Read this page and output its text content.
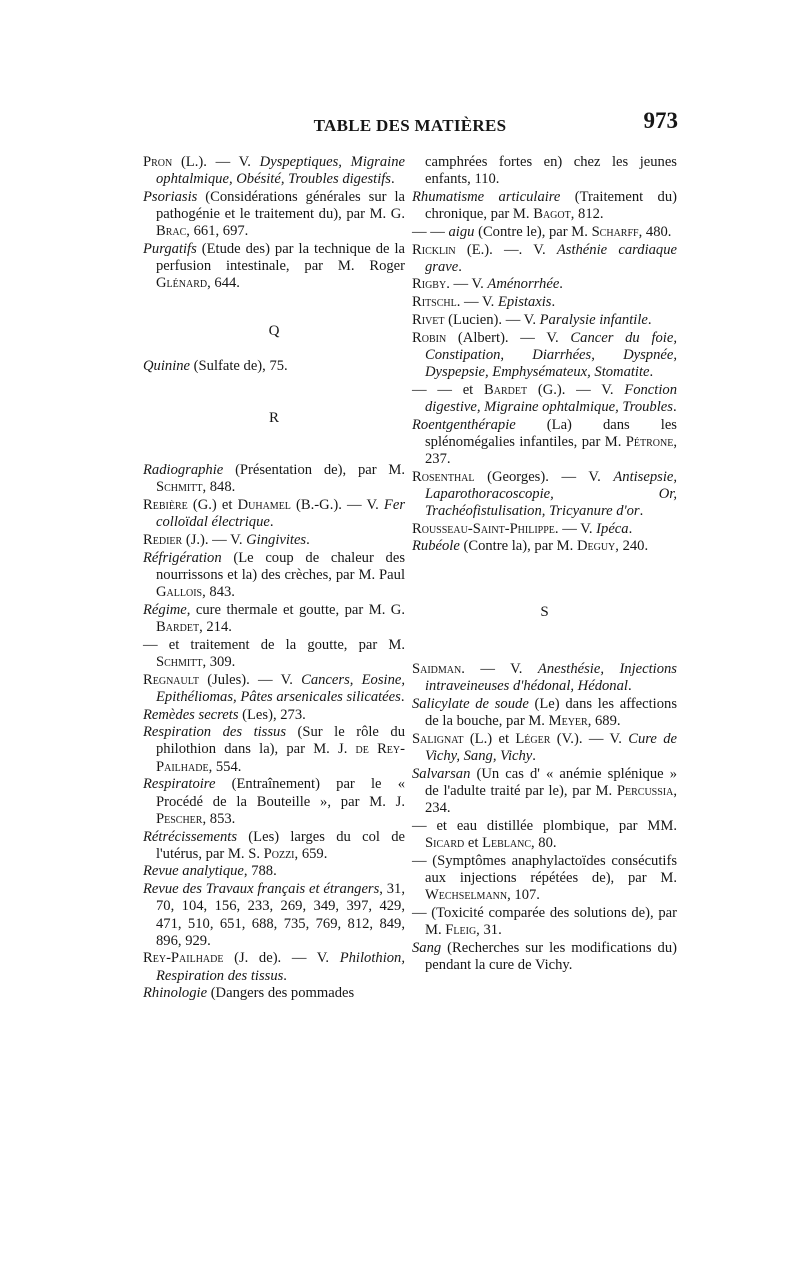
TABLE DES MATIÈRES	973

Pron (L.). — V. Dyspeptiques, Migraine ophtalmique, Obésité, Troubles digestifs.

Psoriasis (Considérations générales sur la pathogénie et le traitement du), par M. G. Brac, 661, 697.

Purgatifs (Etude des) par la technique de la perfusion intestinale, par M. Roger Glénard, 644.

Q

Quinine (Sulfate de), 75.

R

Radiographie (Présentation de), par M. Schmitt, 848.

Rebière (G.) et Duhamel (B.-G.). — V. Fer colloïdal électrique.

Redier (J.). — V. Gingivites.

Réfrigération (Le coup de chaleur des nourrissons et la) des crèches, par M. Paul Gallois, 843.

Régime, cure thermale et goutte, par M. G. Bardet, 214.

— et traitement de la goutte, par M. Schmitt, 309.

Regnault (Jules). — V. Cancers, Eosine, Epithéliomas, Pâtes arsenicales silicatées.

Remèdes secrets (Les), 273.

Respiration des tissus (Sur le rôle du philothion dans la), par M. J. de Rey-Pailhade, 554.

Respiratoire (Entraînement) par le « Procédé de la Bouteille », par M. J. Pescher, 853.

Rétrécissements (Les) larges du col de l'utérus, par M. S. Pozzi, 659.

Revue analytique, 788.

Revue des Travaux français et étrangers, 31, 70, 104, 156, 233, 269, 349, 397, 429, 471, 510, 651, 688, 735, 769, 812, 849, 896, 929.

Rey-Pailhade (J. de). — V. Philothion, Respiration des tissus.

Rhinologie (Dangers des pommades

camphrées fortes en) chez les jeunes enfants, 110.

Rhumatisme articulaire (Traitement du) chronique, par M. Bagot, 812.

— — aigu (Contre le), par M. Scharff, 480.

Ricklin (E.). —. V. Asthénie cardiaque grave.

Rigby. — V. Aménorrhée.

Ritschl. — V. Epistaxis.

Rivet (Lucien). — V. Paralysie infantile.

Robin (Albert). — V. Cancer du foie, Constipation, Diarrhées, Dyspnée, Dyspepsie, Emphysémateux, Stomatite.

— — et Bardet (G.). — V. Fonction digestive, Migraine ophtalmique, Troubles.

Roentgenthérapie (La) dans les splénomégalies infantiles, par M. Pétrone, 237.

Rosenthal (Georges). — V. Antisepsie, Laparothoracoscopie, Or, Trachéofistulisation, Tricyanure d'or.

Rousseau-Saint-Philippe. — V. Ipéca.

Rubéole (Contre la), par M. Deguy, 240.

S

Saidman. — V. Anesthésie, Injections intraveineuses d'hédonal, Hédonal.

Salicylate de soude (Le) dans les affections de la bouche, par M. Meyer, 689.

Salignat (L.) et Léger (V.). — V. Cure de Vichy, Sang, Vichy.

Salvarsan (Un cas d' « anémie splénique » de l'adulte traité par le), par M. Percussia, 234.

— et eau distillée plombique, par MM. Sicard et Leblanc, 80.

— (Symptômes anaphylactoïdes consécutifs aux injections répétées de), par M. Wechselmann, 107.

— (Toxicité comparée des solutions de), par M. Fleig, 31.

Sang (Recherches sur les modifications du) pendant la cure de Vichy.
